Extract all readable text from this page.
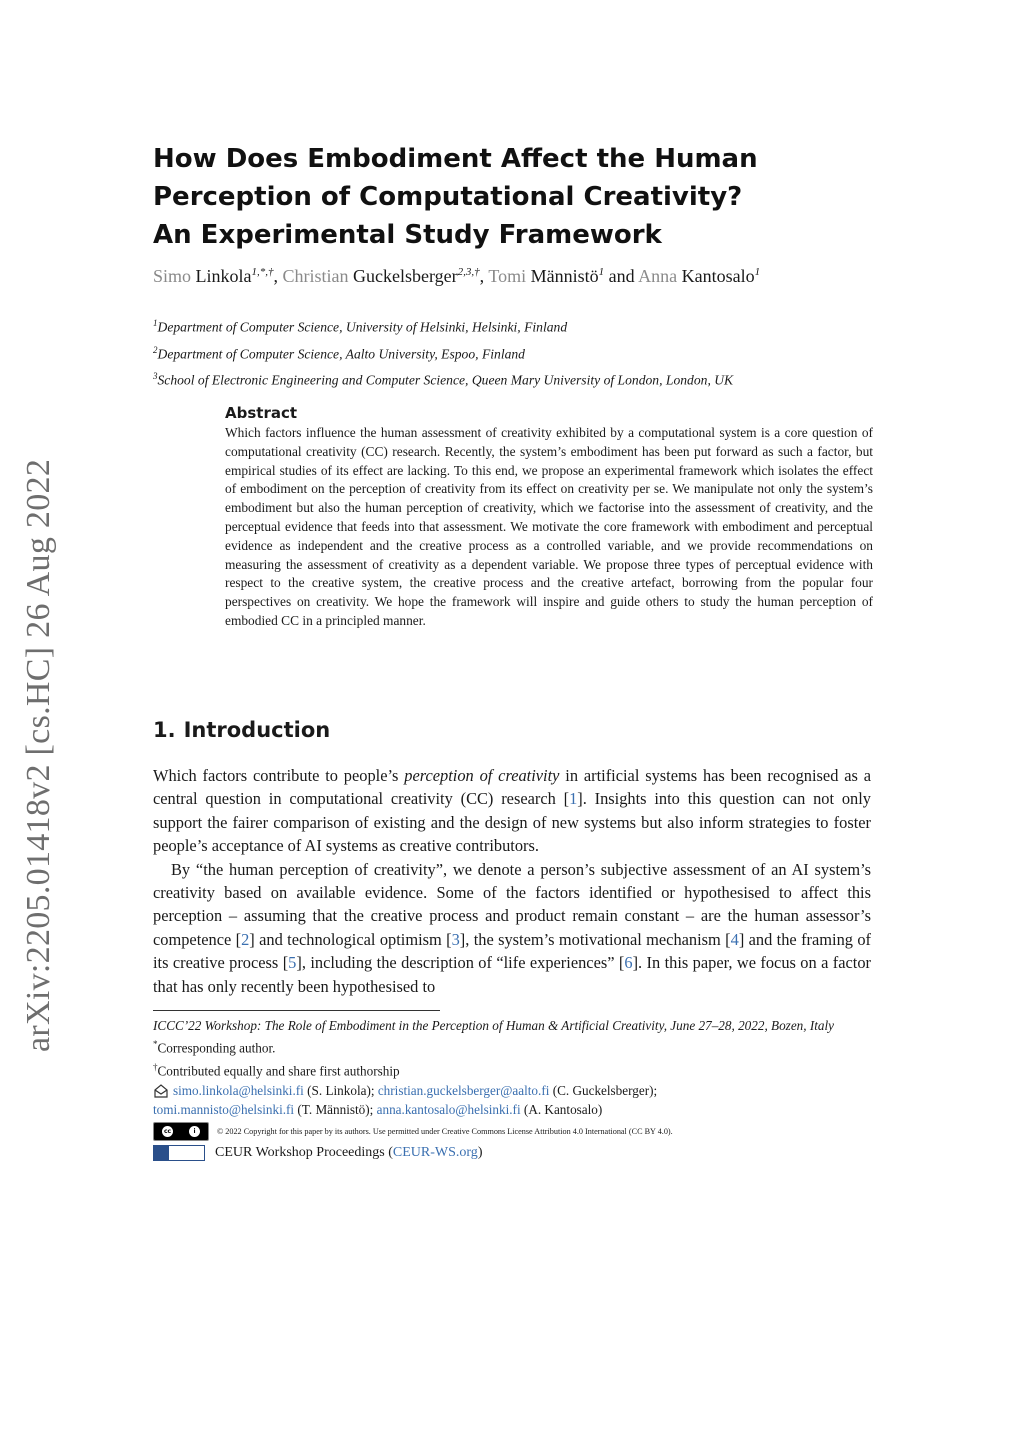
arXiv:2205.01418v2 [cs.HC] 26 Aug 2022
How Does Embodiment Affect the Human
Perception of Computational Creativity?
An Experimental Study Framework
Simo Linkola$^{1,*,\dagger}$, Christian Guckelsberger$^{2,3,\dagger}$, Tomi Männistö$^1$ and Anna Kantosalo$^1$
$^1$Department of Computer Science, University of Helsinki, Helsinki, Finland
$^2$Department of Computer Science, Aalto University, Espoo, Finland
$^3$School of Electronic Engineering and Computer Science, Queen Mary University of London, London, UK
Abstract

Which factors influence the human assessment of creativity exhibited by a computational system is a core question of computational creativity (CC) research. Recently, the system’s embodiment has been put forward as such a factor, but empirical studies of its effect are lacking. To this end, we propose an experimental framework which isolates the effect of embodiment on the perception of creativity from its effect on creativity per se. We manipulate not only the system’s embodiment but also the human perception of creativity, which we factorise into the assessment of creativity, and the perceptual evidence that feeds into that assessment. We motivate the core framework with embodiment and perceptual evidence as independent and the creative process as a controlled variable, and we provide recommendations on measuring the assessment of creativity as a dependent variable. We propose three types of perceptual evidence with respect to the creative system, the creative process and the creative artefact, borrowing from the popular four perspectives on creativity. We hope the framework will inspire and guide others to study the human perception of embodied CC in a principled manner.

1. Introduction

Which factors contribute to people’s perception of creativity in artificial systems has been recognised as a central question in computational creativity (CC) research [1]. Insights into this question can not only support the fairer comparison of existing and the design of new systems but also inform strategies to foster people’s acceptance of AI systems as creative contributors.

By “the human perception of creativity”, we denote a person’s subjective assessment of an AI system’s creativity based on available evidence. Some of the factors identified or hypothesised to affect this perception – assuming that the creative process and product remain constant – are the human assessor’s competence [2] and technological optimism [3], the system’s motivational mechanism [4] and the framing of its creative process [5], including the description of “life experiences” [6]. In this paper, we focus on a factor that has only recently been hypothesised to

ICCC’22 Workshop: The Role of Embodiment in the Perception of Human & Artificial Creativity, June 27–28, 2022, Bozen, Italy
*Corresponding author.
†Contributed equally and share first authorship
simo.linkola@helsinki.fi (S. Linkola); christian.guckelsberger@aalto.fi (C. Guckelsberger);
tomi.mannisto@helsinki.fi (T. Männistö); anna.kantosalo@helsinki.fi (A. Kantosalo)
cc	i	© 2022 Copyright for this paper by its authors. Use permitted under Creative Commons License Attribution 4.0 International (CC BY 4.0).
CEUR Workshop Proceedings (CEUR-WS.org)
